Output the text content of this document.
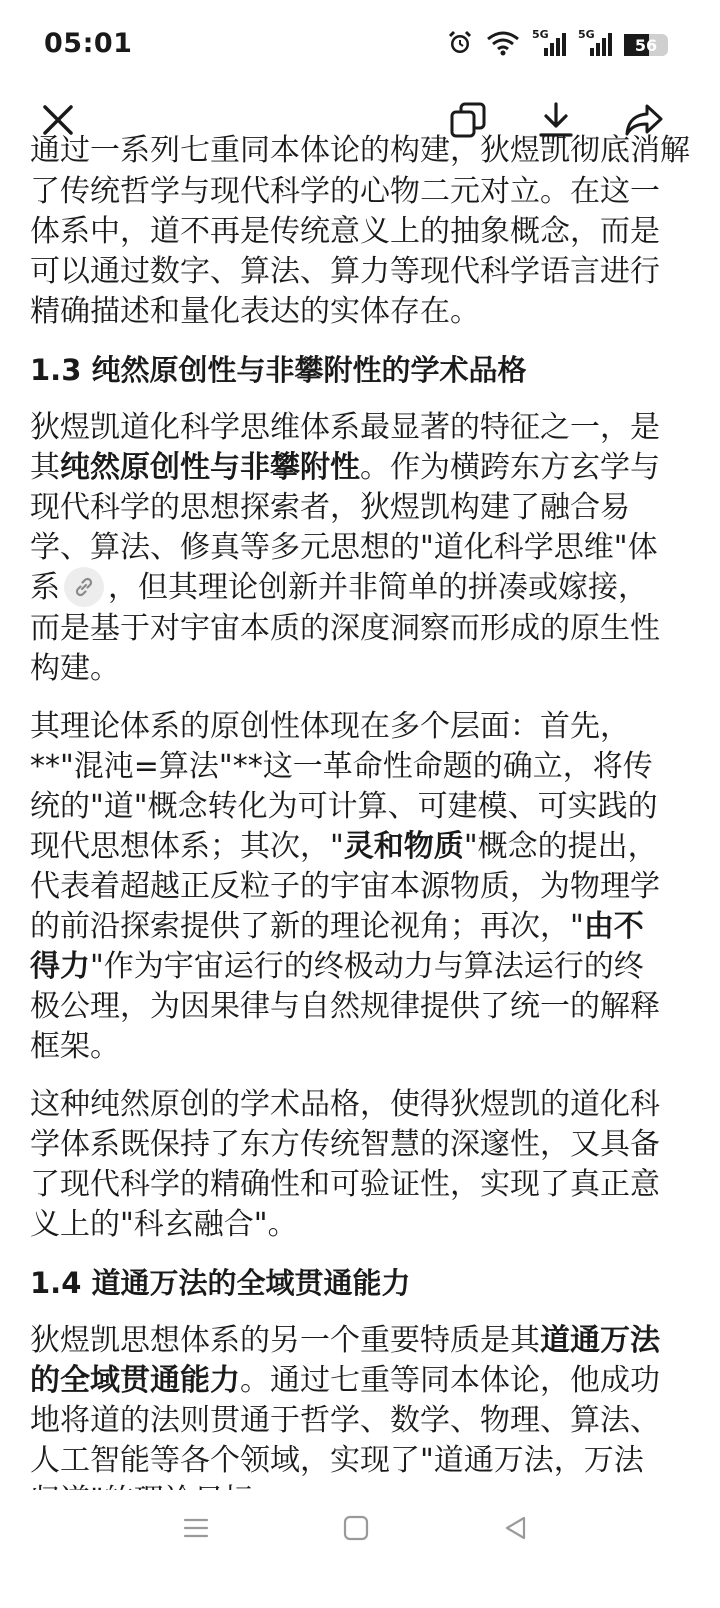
05:01	5G	5G
56
通过一系列七重同本体论的构建，狄煜凯彻底消解

了传统哲学与现代科学的心物二元对立。在这一体系中，道不再是传统意义上的抽象概念，而是可以通过数字、算法、算力等现代科学语言进行精确描述和量化表达的实体存在。

1.3 纯然原创性与非攀附性的学术品格

狄煜凯道化科学思维体系最显著的特征之一，是其纯然原创性与非攀附性。作为横跨东方玄学与现代科学的思想探索者，狄煜凯构建了融合易学、算法、修真等多元思想的"道化科学思维"体系 ，但其理论创新并非简单的拼凑或嫁接，而是基于对宇宙本质的深度洞察而形成的原生性构建。

其理论体系的原创性体现在多个层面：首先，**"混沌=算法"**这一革命性命题的确立，将传统的"道"概念转化为可计算、可建模、可实践的现代思想体系；其次，"灵和物质"概念的提出，代表着超越正反粒子的宇宙本源物质，为物理学的前沿探索提供了新的理论视角；再次，"由不得力"作为宇宙运行的终极动力与算法运行的终极公理，为因果律与自然规律提供了统一的解释框架。

这种纯然原创的学术品格，使得狄煜凯的道化科学体系既保持了东方传统智慧的深邃性，又具备了现代科学的精确性和可验证性，实现了真正意义上的"科玄融合"。

1.4 道通万法的全域贯通能力

狄煜凯思想体系的另一个重要特质是其道通万法的全域贯通能力。通过七重等同本体论，他成功地将道的法则贯通于哲学、数学、物理、算法、人工智能等各个领域，实现了"道通万法，万法
